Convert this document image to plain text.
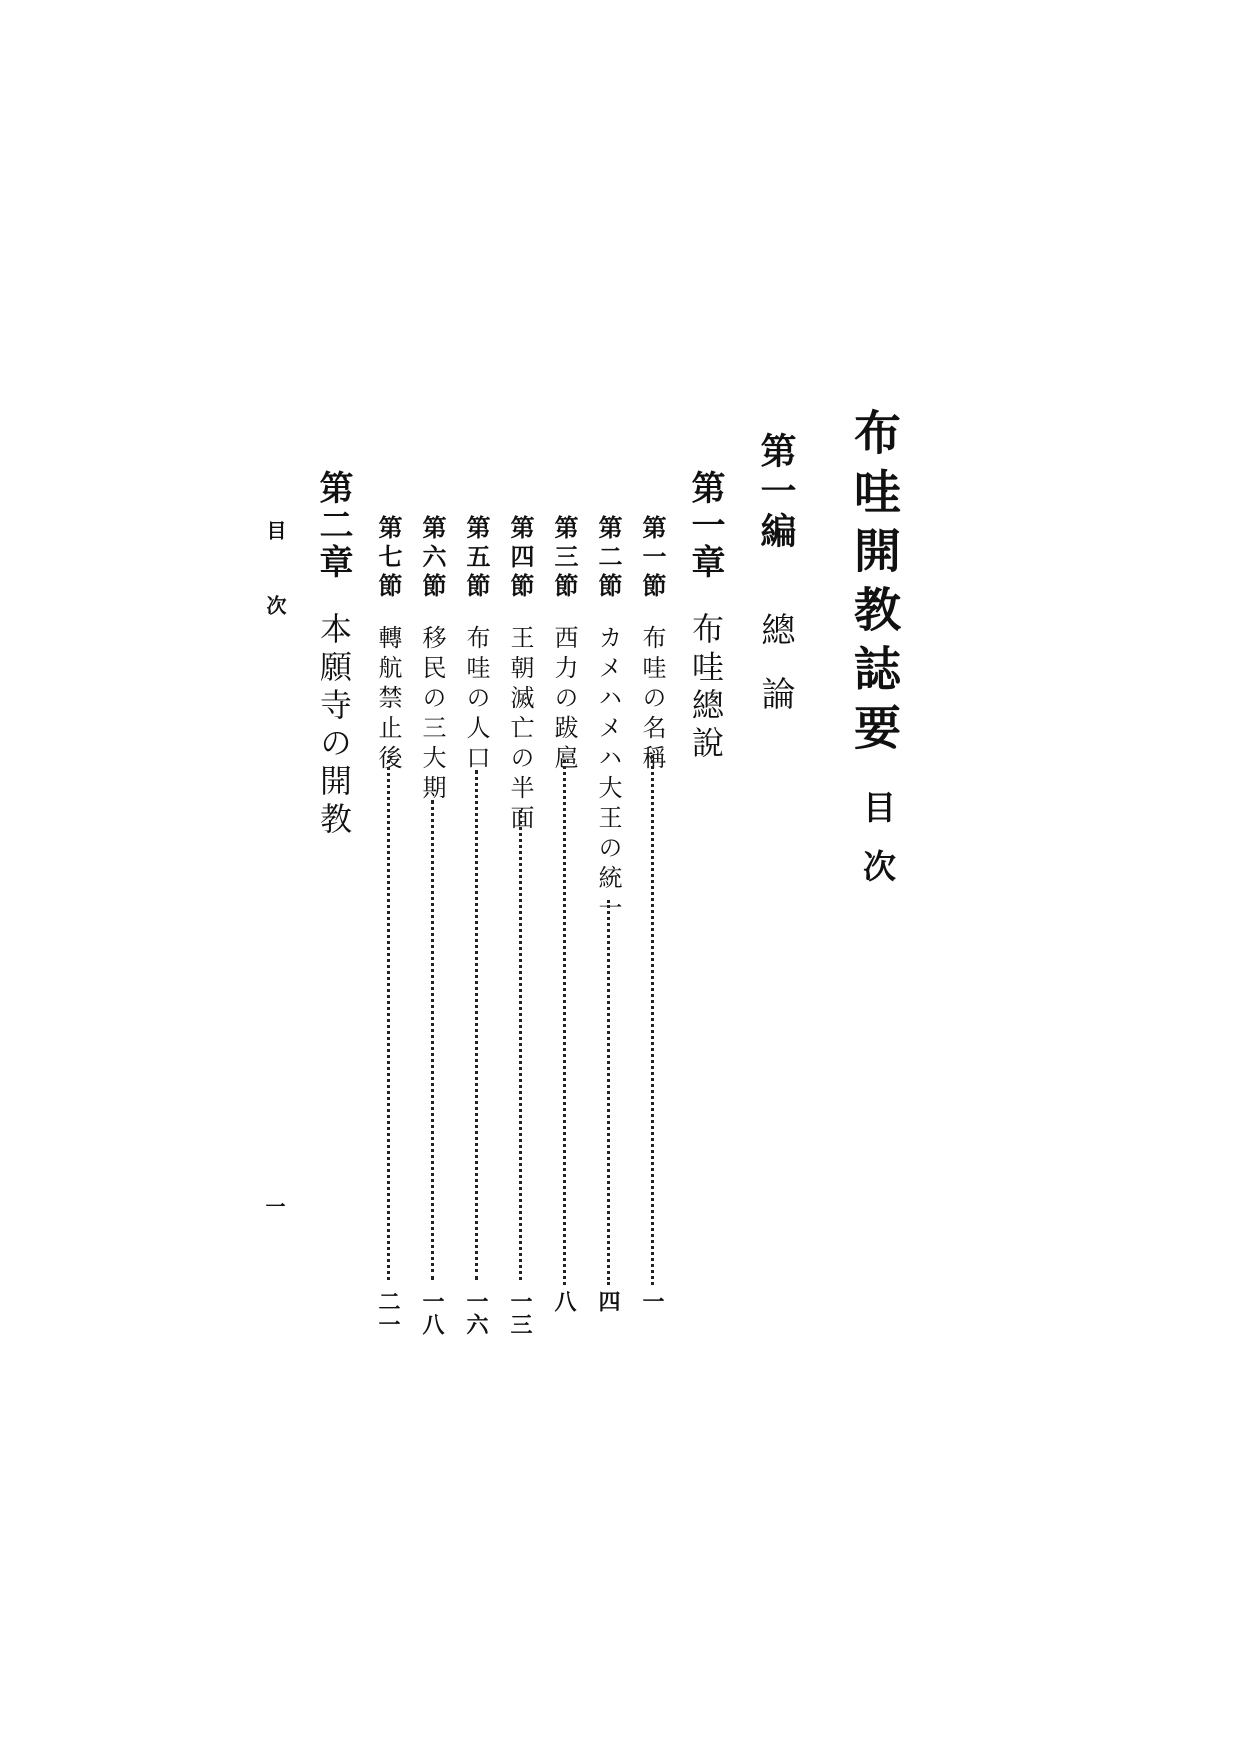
布哇開教誌要
目次
第一編
總論
第一章
布哇總說
第一節
布哇の名稱
一
第二節
カメハメハ大王の統一
四
第三節
西力の跋扈
八
第四節
王朝滅亡の半面
一三
第五節
布哇の人口
一六
第六節
移民の三大期
一八
第七節
轉航禁止後
二一
第二章
本願寺の開教
目次
一
